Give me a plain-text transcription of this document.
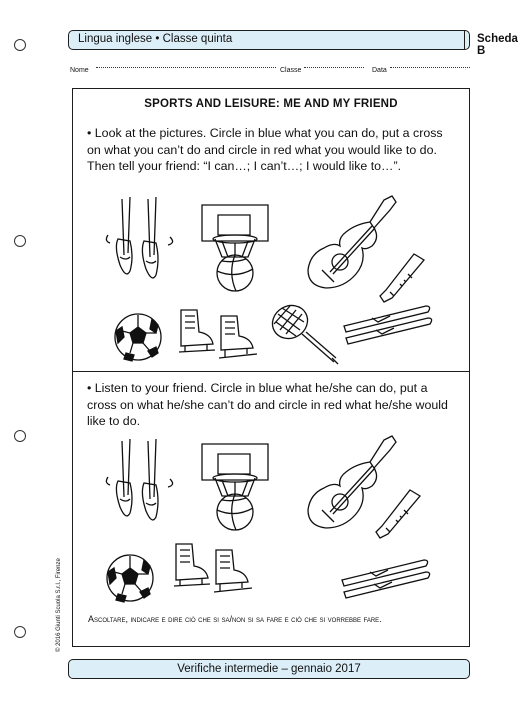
Lingua inglese • Classe quinta	Scheda B
Nome	Classe	Data
SPORTS AND LEISURE: ME AND MY FRIEND
• Look at the pictures. Circle in blue what you can do, put a cross on what you can’t do and circle in red what you would like to do. Then tell your friend: “I can…; I can’t…; I would like to…”.
• Listen to your friend. Circle in blue what he/she can do, put a cross on what he/she can’t do and circle in red what he/she would like to do.
Ascoltare, indicare e dire ciò che si sa/non si sa fare e ciò che si vorrebbe fare.
© 2016 Giunti Scuola S.r.l., Firenze
Verifiche intermedie – gennaio 2017
